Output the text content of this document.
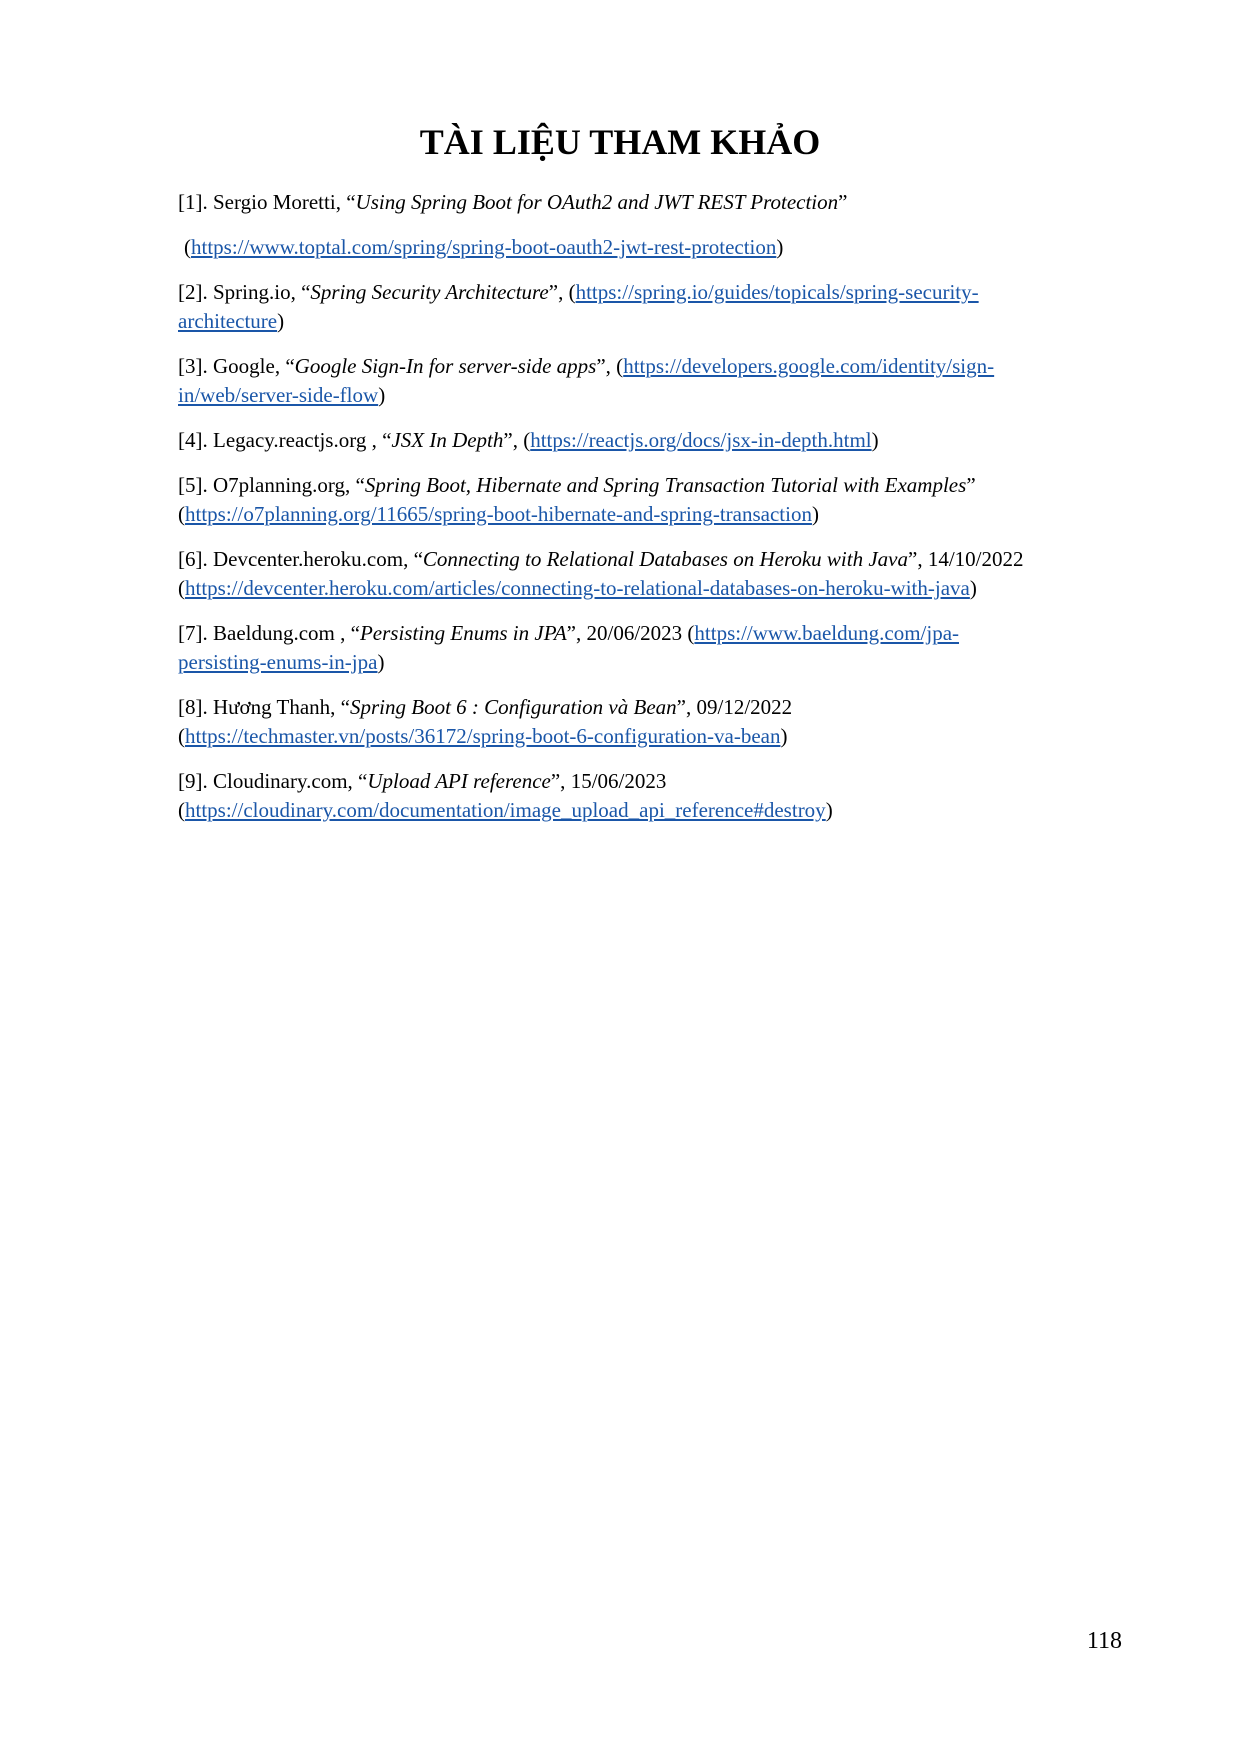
TÀI LIỆU THAM KHẢO
[1]. Sergio Moretti, “Using Spring Boot for OAuth2 and JWT REST Protection”
(https://www.toptal.com/spring/spring-boot-oauth2-jwt-rest-protection)
[2]. Spring.io, “Spring Security Architecture”, (https://spring.io/guides/topicals/spring-security-
architecture)
[3]. Google, “Google Sign-In for server-side apps”, (https://developers.google.com/identity/sign-
in/web/server-side-flow)
[4]. Legacy.reactjs.org , “JSX In Depth”, (https://reactjs.org/docs/jsx-in-depth.html)
[5]. O7planning.org, “Spring Boot, Hibernate and Spring Transaction Tutorial with Examples”
(https://o7planning.org/11665/spring-boot-hibernate-and-spring-transaction)
[6]. Devcenter.heroku.com, “Connecting to Relational Databases on Heroku with Java”, 14/10/2022
(https://devcenter.heroku.com/articles/connecting-to-relational-databases-on-heroku-with-java)
[7]. Baeldung.com , “Persisting Enums in JPA”, 20/06/2023 (https://www.baeldung.com/jpa-
persisting-enums-in-jpa)
[8]. Hương Thanh, “Spring Boot 6 : Configuration và Bean”, 09/12/2022
(https://techmaster.vn/posts/36172/spring-boot-6-configuration-va-bean)
[9]. Cloudinary.com, “Upload API reference”, 15/06/2023
(https://cloudinary.com/documentation/image_upload_api_reference#destroy)
118
